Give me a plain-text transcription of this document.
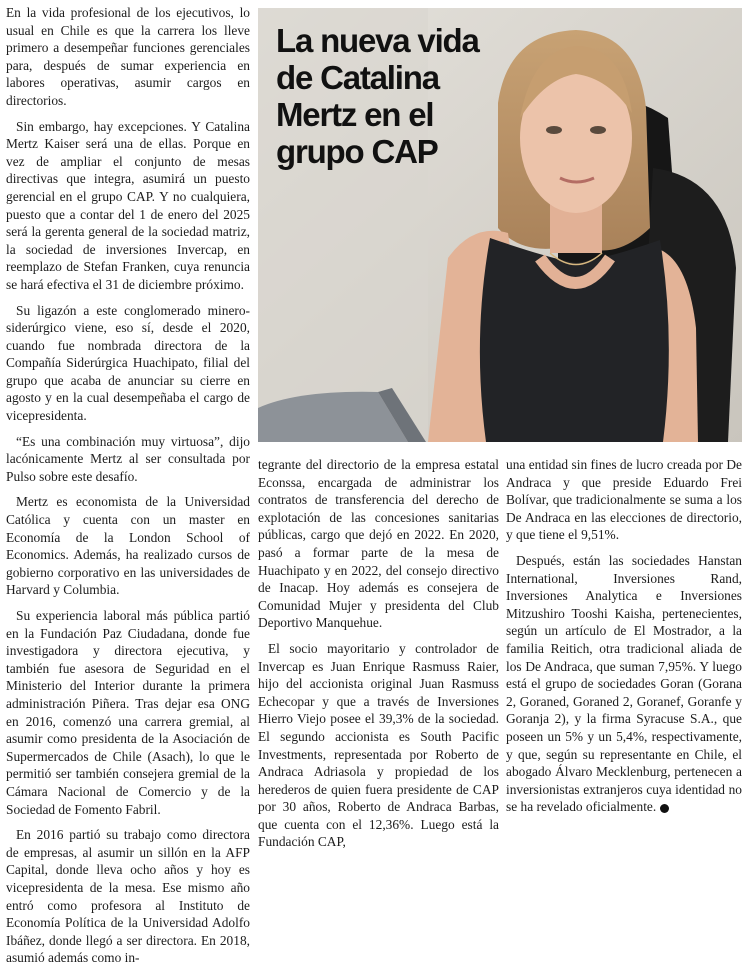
En la vida profesional de los ejecutivos, lo usual en Chile es que la carrera los lleve primero a desempeñar funciones gerenciales para, después de sumar experiencia en labores operativas, asumir cargos en directorios.

Sin embargo, hay excepciones. Y Catalina Mertz Kaiser será una de ellas. Porque en vez de ampliar el conjunto de mesas directivas que integra, asumirá un puesto gerencial en el grupo CAP. Y no cualquiera, puesto que a contar del 1 de enero del 2025 será la gerenta general de la sociedad matriz, la sociedad de inversiones Invercap, en reemplazo de Stefan Franken, cuya renuncia se hará efectiva el 31 de diciembre próximo.

Su ligazón a este conglomerado minero-siderúrgico viene, eso sí, desde el 2020, cuando fue nombrada directora de la Compañía Siderúrgica Huachipato, filial del grupo que acaba de anunciar su cierre en agosto y en la cual desempeñaba el cargo de vicepresidenta.

“Es una combinación muy virtuosa”, dijo lacónicamente Mertz al ser consultada por Pulso sobre este desafío.

Mertz es economista de la Universidad Católica y cuenta con un master en Economía de la London School of Economics. Además, ha realizado cursos de gobierno corporativo en las universidades de Harvard y Columbia.

Su experiencia laboral más pública partió en la Fundación Paz Ciudadana, donde fue investigadora y directora ejecutiva, y también fue asesora de Seguridad en el Ministerio del Interior durante la primera administración Piñera. Tras dejar esa ONG en 2016, comenzó una carrera gremial, al asumir como presidenta de la Asociación de Supermercados de Chile (Asach), lo que le permitió ser también consejera gremial de la Cámara Nacional de Comercio y de la Sociedad de Fomento Fabril.

En 2016 partió su trabajo como directora de empresas, al asumir un sillón en la AFP Capital, donde lleva ocho años y hoy es vicepresidenta de la mesa. Ese mismo año entró como profesora al Instituto de Economía Política de la Universidad Adolfo Ibáñez, donde llegó a ser directora. En 2018, asumió además como in-

La nueva vida de Catalina Mertz en el grupo CAP

tegrante del directorio de la empresa estatal Econssa, encargada de administrar los contratos de transferencia del derecho de explotación de las concesiones sanitarias públicas, cargo que dejó en 2022. En 2020, pasó a formar parte de la mesa de Huachipato y en 2022, del consejo directivo de Inacap. Hoy además es consejera de Comunidad Mujer y presidenta del Club Deportivo Manquehue.

El socio mayoritario y controlador de Invercap es Juan Enrique Rasmuss Raier, hijo del accionista original Juan Rasmuss Echecopar y que a través de Inversiones Hierro Viejo posee el 39,3% de la sociedad. El segundo accionista es South Pacific Investments, representada por Roberto de Andraca Adriasola y propiedad de los herederos de quien fuera presidente de CAP por 30 años, Roberto de Andraca Barbas, que cuenta con el 12,36%. Luego está la Fundación CAP,

una entidad sin fines de lucro creada por De Andraca y que preside Eduardo Frei Bolívar, que tradicionalmente se suma a los De Andraca en las elecciones de directorio, y que tiene el 9,51%.

Después, están las sociedades Hanstan International, Inversiones Rand, Inversiones Analytica e Inversiones Mitzushiro Tooshi Kaisha, pertenecientes, según un artículo de El Mostrador, a la familia Reitich, otra tradicional aliada de los De Andraca, que suman 7,95%. Y luego está el grupo de sociedades Goran (Gorana 2, Goraned, Goraned 2, Goranef, Goranfe y Goranja 2), y la firma Syracuse S.A., que poseen un 5% y un 5,4%, respectivamente, y que, según su representante en Chile, el abogado Álvaro Mecklenburg, pertenecen a inversionistas extranjeros cuya identidad no se ha revelado oficialmente. P
